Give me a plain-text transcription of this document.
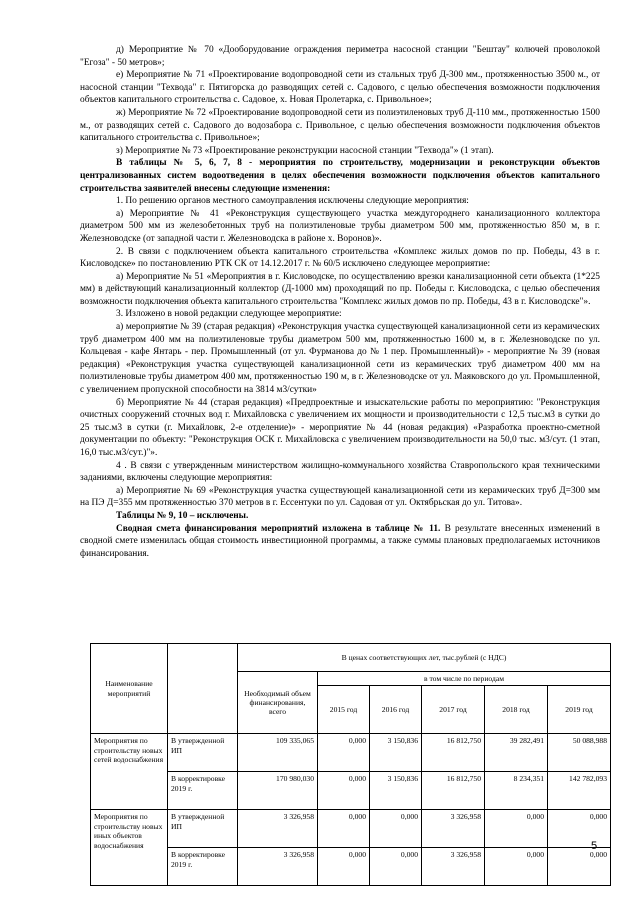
д) Мероприятие № 70 «Дооборудование ограждения периметра насосной станции "Бештау" колючей проволокой "Егоза" - 50 метров»;

е) Мероприятие № 71 «Проектирование водопроводной сети из стальных труб Д-300 мм., протяженностью 3500 м., от насосной станции "Техвода" г. Пятигорска до разводящих сетей с. Садового, с целью обеспечения возможности подключения объектов капитального строительства с. Садовое, х. Новая Пролетарка, с. Привольное»;

ж) Мероприятие № 72 «Проектирование водопроводной сети из полиэтиленовых труб Д-110 мм., протяженностью 1500 м., от разводящих сетей с. Садового до водозабора с. Привольное, с целью обеспечения возможности подключения объектов капитального строительства с. Привольное»;

з) Мероприятие № 73 «Проектирование реконструкции насосной станции "Техвода"» (1 этап).

В таблицы № 5, 6, 7, 8 - мероприятия по строительству, модернизации и реконструкции объектов централизованных систем водоотведения в целях обеспечения возможности подключения объектов капитального строительства заявителей внесены следующие изменения:

1. По решению органов местного самоуправления исключены следующие мероприятия:

а) Мероприятие № 41 «Реконструкция существующего участка междугороднего канализационного коллектора диаметром 500 мм из железобетонных труб на полиэтиленовые трубы диаметром 500 мм, протяженностью 850 м, в г. Железноводске (от западной части г. Железноводска в районе х. Воронов)».

2. В связи с подключением объекта капитального строительства «Комплекс жилых домов по пр. Победы, 43 в г. Кисловодске» по постановлению РТК СК от 14.12.2017 г. № 60/5 исключено следующее мероприятие:

а) Мероприятие № 51 «Мероприятия в г. Кисловодске, по осуществлению врезки канализационной сети объекта (1*225 мм) в действующий канализационный коллектор (Д-1000 мм) проходящий по пр. Победы г. Кисловодска, с целью обеспечения возможности подключения объекта капитального строительства "Комплекс жилых домов по пр. Победы, 43 в г. Кисловодске"».

3. Изложено в новой редакции следующее мероприятие:

а) мероприятие № 39 (старая редакция) «Реконструкция участка существующей канализационной сети из керамических труб диаметром 400 мм на полиэтиленовые трубы диаметром 500 мм, протяженностью 1600 м, в г. Железноводске по ул. Кольцевая - кафе Янтарь - пер. Промышленный (от ул. Фурманова до № 1 пер. Промышленный)» - мероприятие № 39 (новая редакция) «Реконструкция участка существующей канализационной сети из керамических труб диаметром 400 мм на полиэтиленовые трубы диаметром 400 мм, протяженностью 190 м, в г. Железноводске от ул. Маяковского до ул. Промышленной, с увеличением пропускной способности на 3814 м3/сутки»

б) Мероприятие № 44 (старая редакция) «Предпроектные и изыскательские работы по мероприятию: "Реконструкция очистных сооружений сточных вод г. Михайловска с увеличением их мощности и производительности с 12,5 тыс.м3 в сутки до 25 тыс.м3 в сутки (г. Михайловк, 2-е отделение)» - мероприятие № 44 (новая редакция) «Разработка проектно-сметной документации по объекту: "Реконструкция ОСК г. Михайловска с увеличением производительности на 50,0 тыс. м3/сут. (1 этап, 16,0 тыс.м3/сут.)"».

4 . В связи с утвержденным министерством жилищно-коммунального хозяйства Ставропольского края техническими заданиями, включены следующие мероприятия:

а) Мероприятие № 69 «Реконструкция участка существующей канализационной сети из керамических труб Д=300 мм на ПЭ Д=355 мм протяженностью 370 метров в г. Ессентуки по ул. Садовая от ул. Октябрьская до ул. Титова».

Таблицы № 9, 10 – исключены.

Сводная смета финансирования мероприятий изложена в таблице № 11. В результате внесенных изменений в сводной смете изменилась общая стоимость инвестиционной программы, а также суммы плановых предполагаемых источников финансирования.

Наименование мероприятий		В ценах соответствующих лет, тыс.рублей (с НДС)					
		Необходимый объем финансирования, всего	в том числе по периодам				
			2015 год	2016 год	2017 год	2018 год	2019 год
Мероприятия по строительству новых сетей водоснабжения	В утвержденной ИП	109 335,065	0,000	3 150,836	16 812,750	39 282,491	50 088,988
	В корректировке 2019 г.	170 980,030	0,000	3 150,836	16 812,750	8 234,351	142 782,093
Мероприятия по строительству новых иных объектов водоснабжения	В утвержденной ИП	3 326,958	0,000	0,000	3 326,958	0,000	0,000
	В корректировке 2019 г.	3 326,958	0,000	0,000	3 326,958	0,000	0,000
5
